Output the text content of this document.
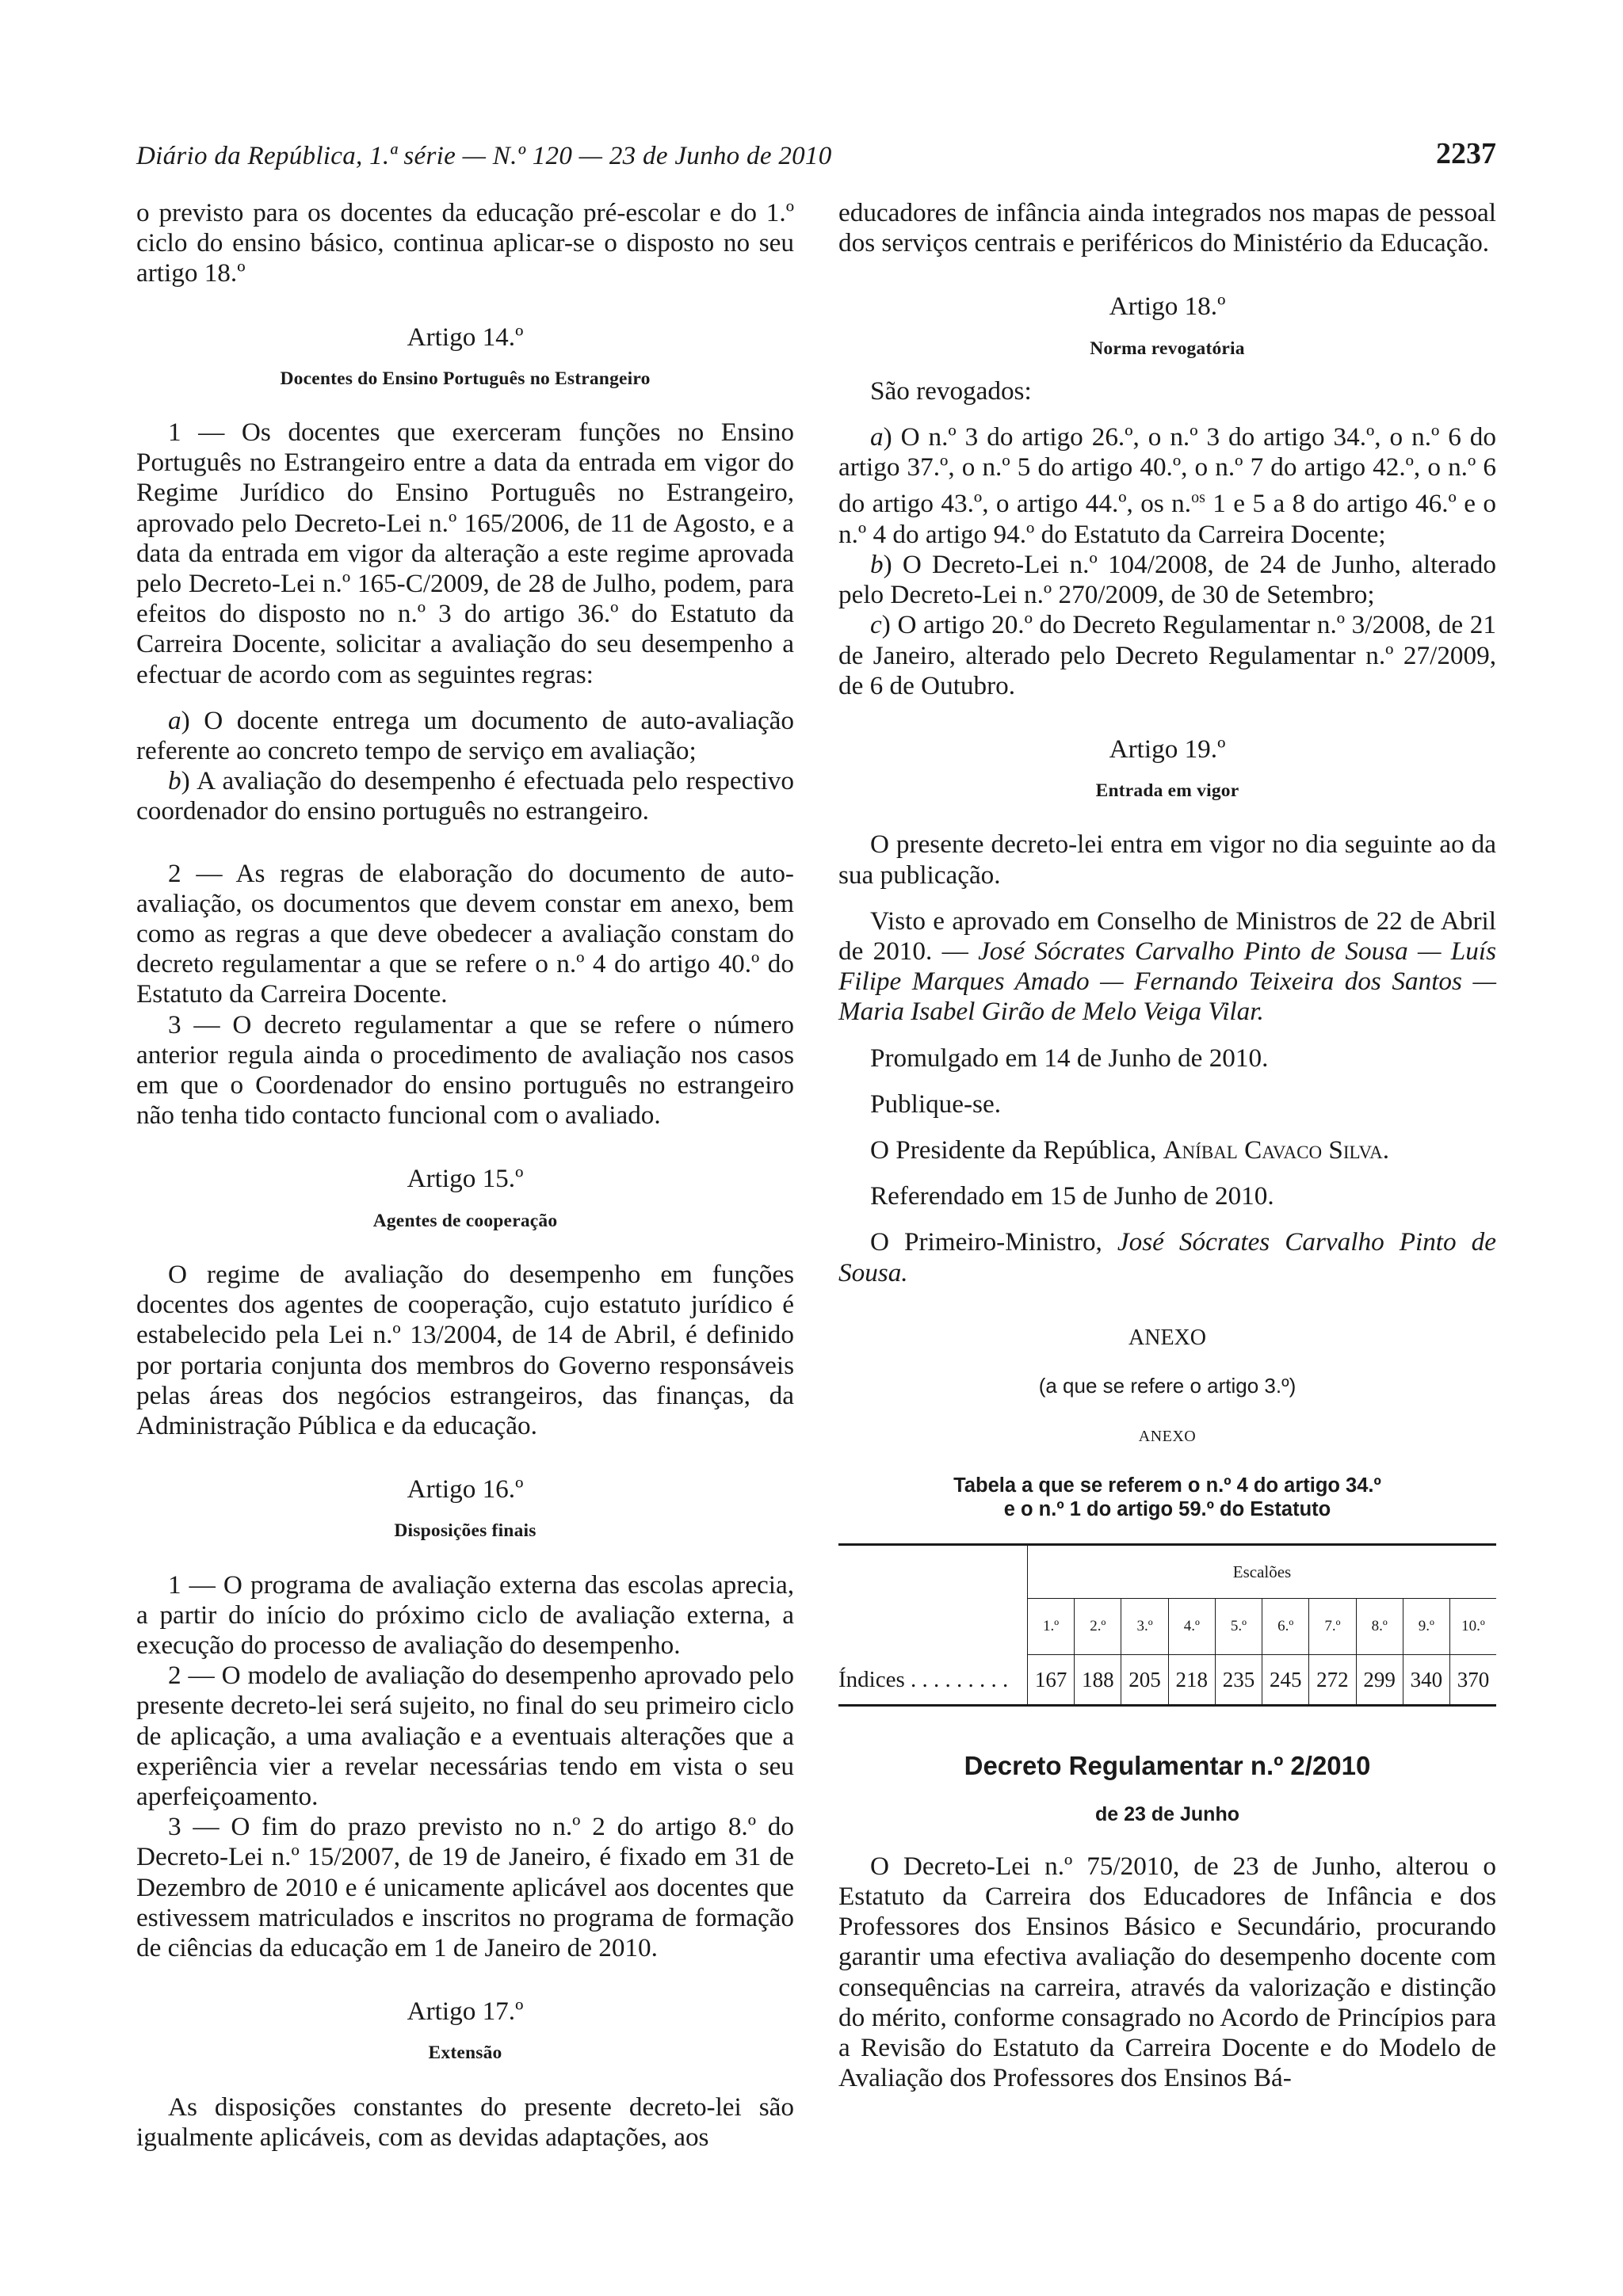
Diário da República, 1.ª série — N.º 120 — 23 de Junho de 2010	2237

o previsto para os docentes da educação pré-escolar e do 1.º ciclo do ensino básico, continua aplicar-se o disposto no seu artigo 18.º

Artigo 14.º
Docentes do Ensino Português no Estrangeiro

1 — Os docentes que exerceram funções no Ensino Português no Estrangeiro entre a data da entrada em vigor do Regime Jurídico do Ensino Português no Estrangeiro, aprovado pelo Decreto-Lei n.º 165/2006, de 11 de Agosto, e a data da entrada em vigor da alteração a este regime aprovada pelo Decreto-Lei n.º 165-C/2009, de 28 de Julho, podem, para efeitos do disposto no n.º 3 do artigo 36.º do Estatuto da Carreira Docente, solicitar a avaliação do seu desempenho a efectuar de acordo com as seguintes regras:

a) O docente entrega um documento de auto-avaliação referente ao concreto tempo de serviço em avaliação;

b) A avaliação do desempenho é efectuada pelo respectivo coordenador do ensino português no estrangeiro.

2 — As regras de elaboração do documento de auto-avaliação, os documentos que devem constar em anexo, bem como as regras a que deve obedecer a avaliação constam do decreto regulamentar a que se refere o n.º 4 do artigo 40.º do Estatuto da Carreira Docente.

3 — O decreto regulamentar a que se refere o número anterior regula ainda o procedimento de avaliação nos casos em que o Coordenador do ensino português no estrangeiro não tenha tido contacto funcional com o avaliado.

Artigo 15.º
Agentes de cooperação

O regime de avaliação do desempenho em funções docentes dos agentes de cooperação, cujo estatuto jurídico é estabelecido pela Lei n.º 13/2004, de 14 de Abril, é definido por portaria conjunta dos membros do Governo responsáveis pelas áreas dos negócios estrangeiros, das finanças, da Administração Pública e da educação.

Artigo 16.º
Disposições finais

1 — O programa de avaliação externa das escolas aprecia, a partir do início do próximo ciclo de avaliação externa, a execução do processo de avaliação do desempenho.

2 — O modelo de avaliação do desempenho aprovado pelo presente decreto-lei será sujeito, no final do seu primeiro ciclo de aplicação, a uma avaliação e a eventuais alterações que a experiência vier a revelar necessárias tendo em vista o seu aperfeiçoamento.

3 — O fim do prazo previsto no n.º 2 do artigo 8.º do Decreto-Lei n.º 15/2007, de 19 de Janeiro, é fixado em 31 de Dezembro de 2010 e é unicamente aplicável aos docentes que estivessem matriculados e inscritos no programa de formação de ciências da educação em 1 de Janeiro de 2010.

Artigo 17.º
Extensão

As disposições constantes do presente decreto-lei são igualmente aplicáveis, com as devidas adaptações, aos

educadores de infância ainda integrados nos mapas de pessoal dos serviços centrais e periféricos do Ministério da Educação.

Artigo 18.º
Norma revogatória

São revogados:

a) O n.º 3 do artigo 26.º, o n.º 3 do artigo 34.º, o n.º 6 do artigo 37.º, o n.º 5 do artigo 40.º, o n.º 7 do artigo 42.º, o n.º 6 do artigo 43.º, o artigo 44.º, os n.$^{os}$ 1 e 5 a 8 do artigo 46.º e o n.º 4 do artigo 94.º do Estatuto da Carreira Docente;

b) O Decreto-Lei n.º 104/2008, de 24 de Junho, alterado pelo Decreto-Lei n.º 270/2009, de 30 de Setembro;

c) O artigo 20.º do Decreto Regulamentar n.º 3/2008, de 21 de Janeiro, alterado pelo Decreto Regulamentar n.º 27/2009, de 6 de Outubro.

Artigo 19.º
Entrada em vigor

O presente decreto-lei entra em vigor no dia seguinte ao da sua publicação.

Visto e aprovado em Conselho de Ministros de 22 de Abril de 2010. — José Sócrates Carvalho Pinto de Sousa — Luís Filipe Marques Amado — Fernando Teixeira dos Santos — Maria Isabel Girão de Melo Veiga Vilar.

Promulgado em 14 de Junho de 2010.

Publique-se.

O Presidente da República, Aníbal Cavaco Silva.

Referendado em 15 de Junho de 2010.

O Primeiro-Ministro, José Sócrates Carvalho Pinto de Sousa.

ANEXO
(a que se refere o artigo 3.º)
ANEXO
Tabela a que se referem o n.º 4 do artigo 34.º
e o n.º 1 do artigo 59.º do Estatuto
	Escalões									
	1.º	2.º	3.º	4.º	5.º	6.º	7.º	8.º	9.º	10.º
Índices . . . . . . . . .	167	188	205	218	235	245	272	299	340	370
Decreto Regulamentar n.º 2/2010
de 23 de Junho

O Decreto-Lei n.º 75/2010, de 23 de Junho, alterou o Estatuto da Carreira dos Educadores de Infância e dos Professores dos Ensinos Básico e Secundário, procurando garantir uma efectiva avaliação do desempenho docente com consequências na carreira, através da valorização e distinção do mérito, conforme consagrado no Acordo de Princípios para a Revisão do Estatuto da Carreira Docente e do Modelo de Avaliação dos Professores dos Ensinos Bá-
